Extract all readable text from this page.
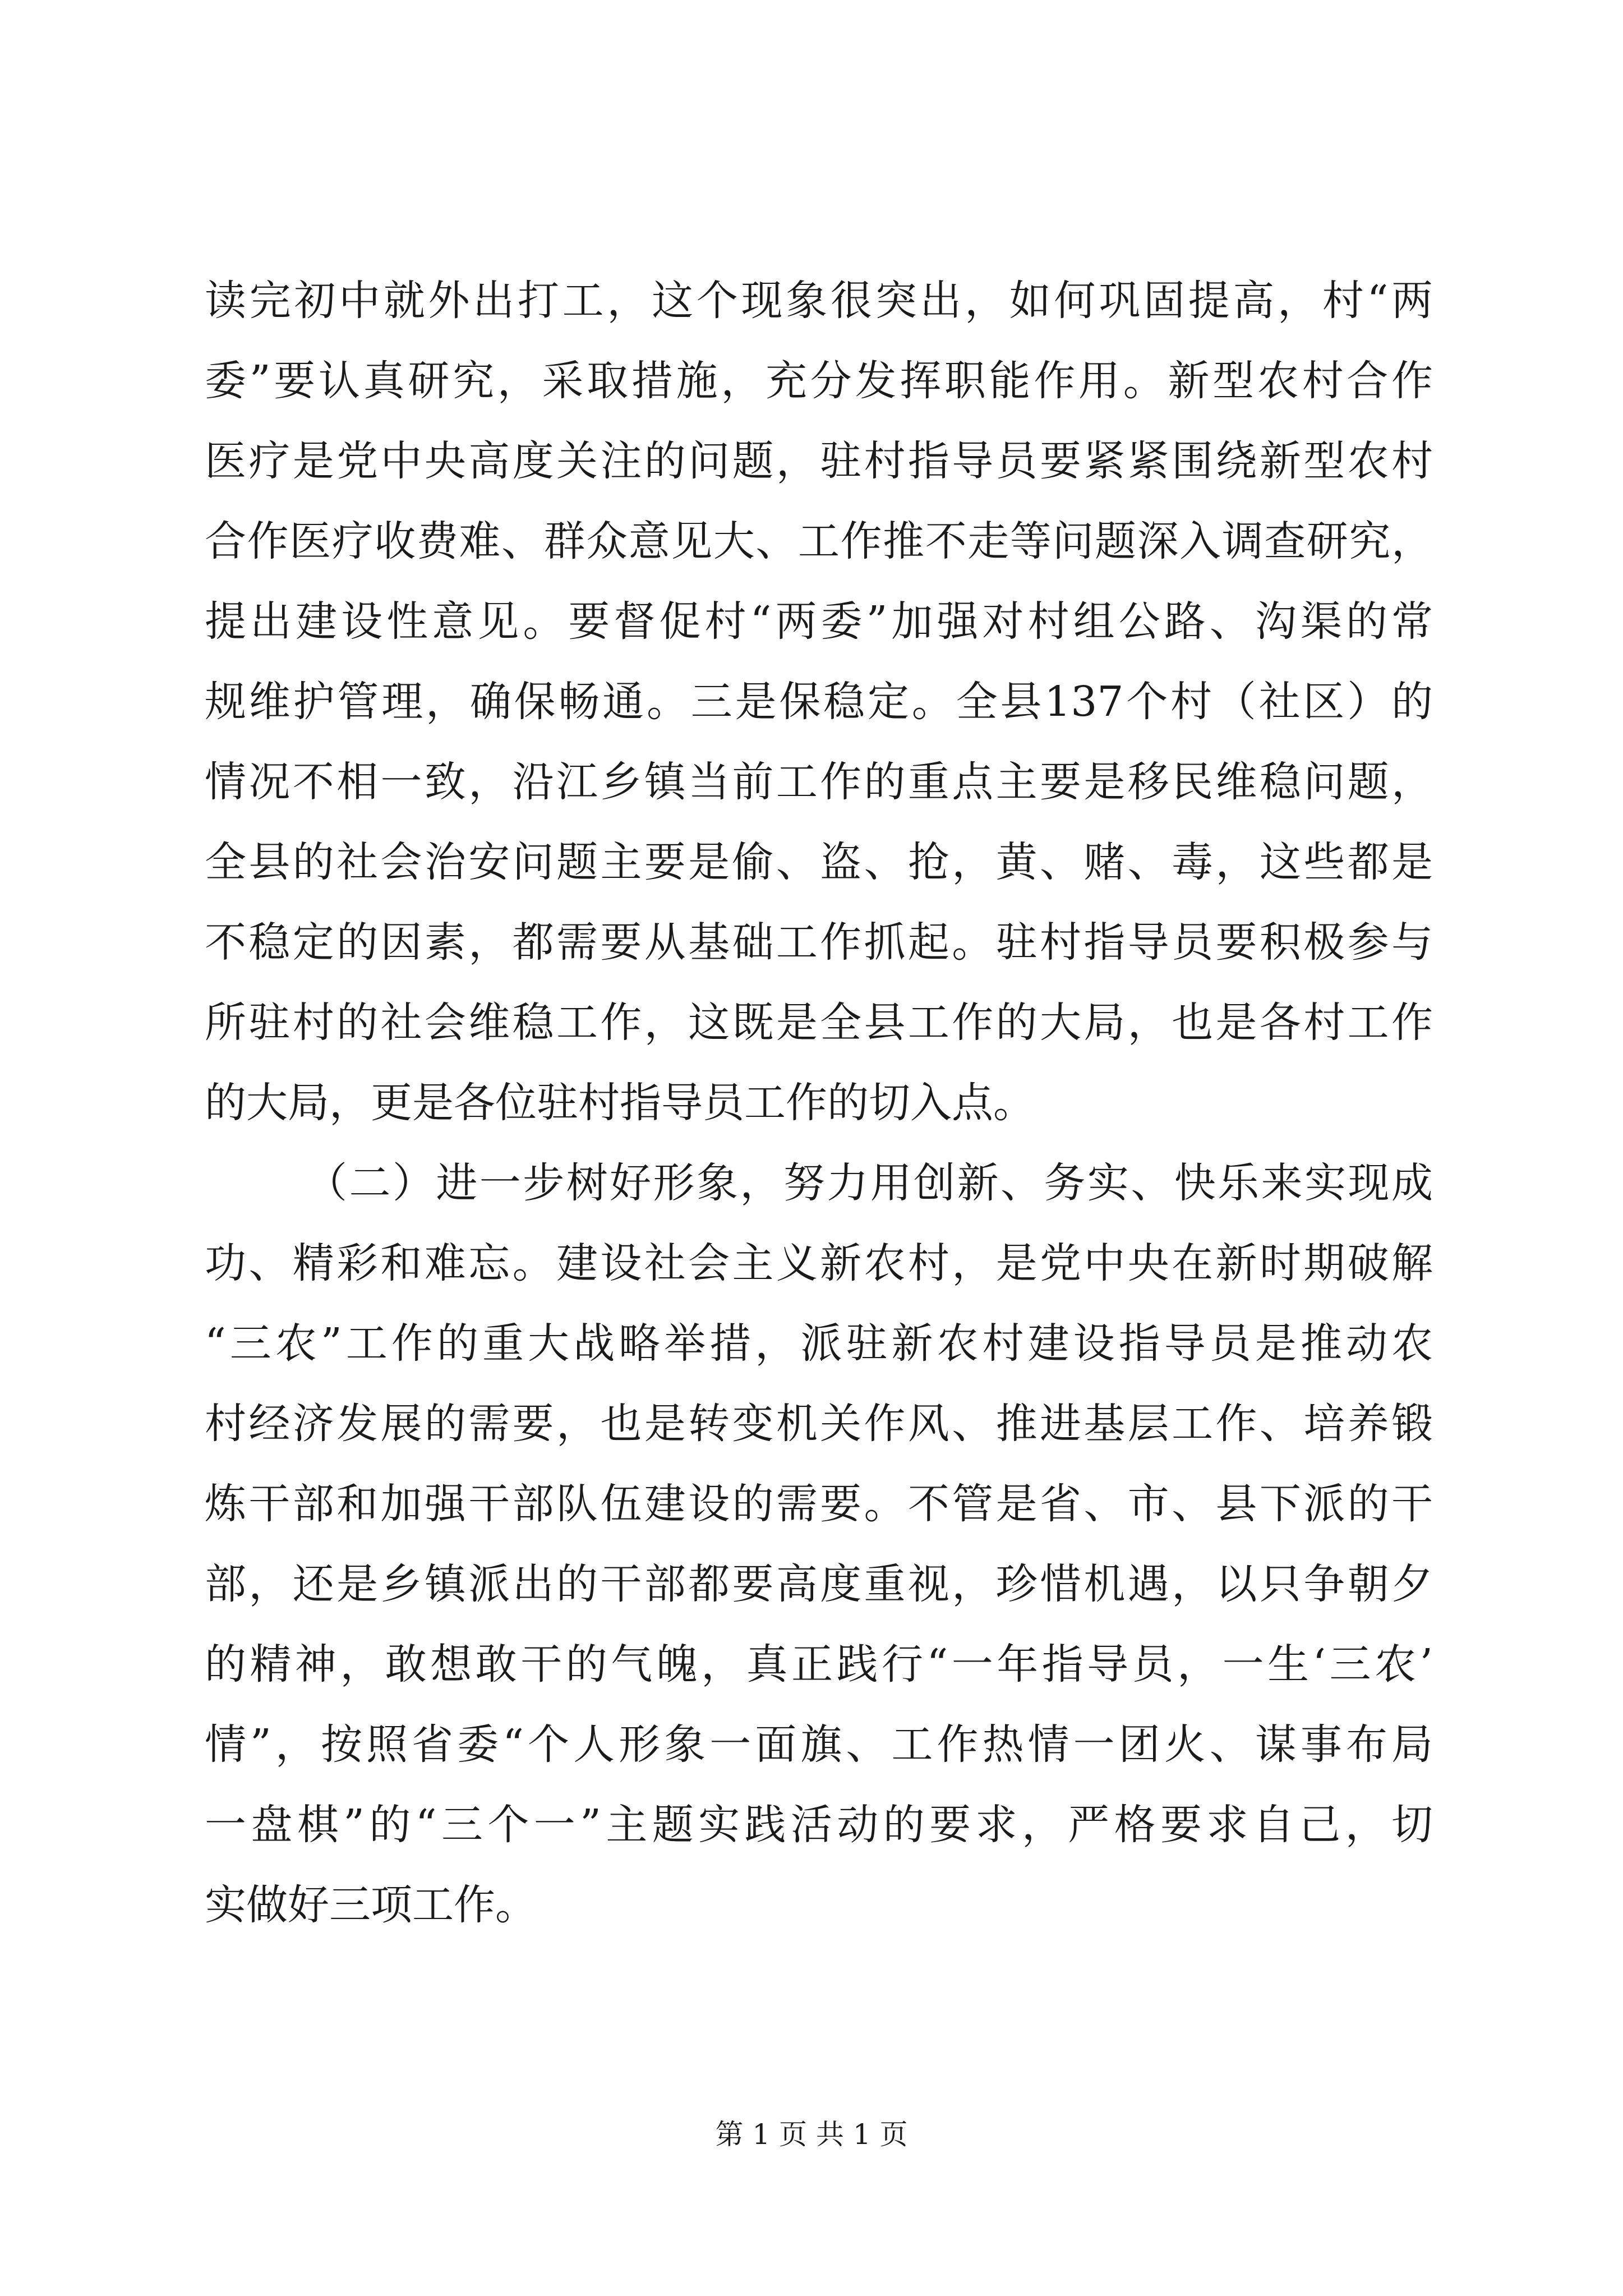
读完初中就外出打工，这个现象很突出，如何巩固提高，村“两
委”要认真研究，采取措施，充分发挥职能作用。新型农村合作
医疗是党中央高度关注的问题，驻村指导员要紧紧围绕新型农村
合作医疗收费难、群众意见大、工作推不走等问题深入调查研究，
提出建设性意见。要督促村“两委”加强对村组公路、沟渠的常
规维护管理，确保畅通。三是保稳定。全县137个村（社区）的
情况不相一致，沿江乡镇当前工作的重点主要是移民维稳问题，
全县的社会治安问题主要是偷、盗、抢，黄、赌、毒，这些都是
不稳定的因素，都需要从基础工作抓起。驻村指导员要积极参与
所驻村的社会维稳工作，这既是全县工作的大局，也是各村工作
的大局，更是各位驻村指导员工作的切入点。
（二）进一步树好形象，努力用创新、务实、快乐来实现成
功、精彩和难忘。建设社会主义新农村，是党中央在新时期破解
“三农”工作的重大战略举措，派驻新农村建设指导员是推动农
村经济发展的需要，也是转变机关作风、推进基层工作、培养锻
炼干部和加强干部队伍建设的需要。不管是省、市、县下派的干
部，还是乡镇派出的干部都要高度重视，珍惜机遇，以只争朝夕
的精神，敢想敢干的气魄，真正践行“一年指导员，一生‘三农’
情”，按照省委“个人形象一面旗、工作热情一团火、谋事布局
一盘棋”的“三个一”主题实践活动的要求，严格要求自己，切
实做好三项工作。
第 1 页 共 1 页
